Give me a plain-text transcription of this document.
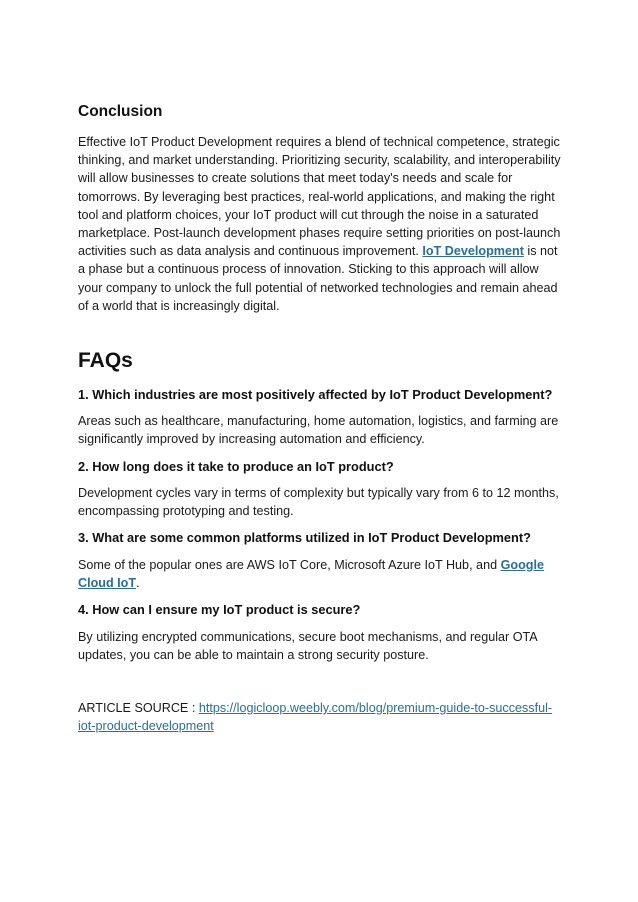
Conclusion

Effective IoT Product Development requires a blend of technical competence, strategic thinking, and market understanding. Prioritizing security, scalability, and interoperability will allow businesses to create solutions that meet today's needs and scale for tomorrows. By leveraging best practices, real-world applications, and making the right tool and platform choices, your IoT product will cut through the noise in a saturated marketplace. Post-launch development phases require setting priorities on post-launch activities such as data analysis and continuous improvement. IoT Development is not a phase but a continuous process of innovation. Sticking to this approach will allow your company to unlock the full potential of networked technologies and remain ahead of a world that is increasingly digital.

FAQs

1. Which industries are most positively affected by IoT Product Development?

Areas such as healthcare, manufacturing, home automation, logistics, and farming are significantly improved by increasing automation and efficiency.

2. How long does it take to produce an IoT product?

Development cycles vary in terms of complexity but typically vary from 6 to 12 months, encompassing prototyping and testing.

3. What are some common platforms utilized in IoT Product Development?

Some of the popular ones are AWS IoT Core, Microsoft Azure IoT Hub, and Google Cloud IoT.

4. How can I ensure my IoT product is secure?

By utilizing encrypted communications, secure boot mechanisms, and regular OTA updates, you can be able to maintain a strong security posture.

ARTICLE SOURCE : https://logicloop.weebly.com/blog/premium-guide-to-successful-iot-product-development
